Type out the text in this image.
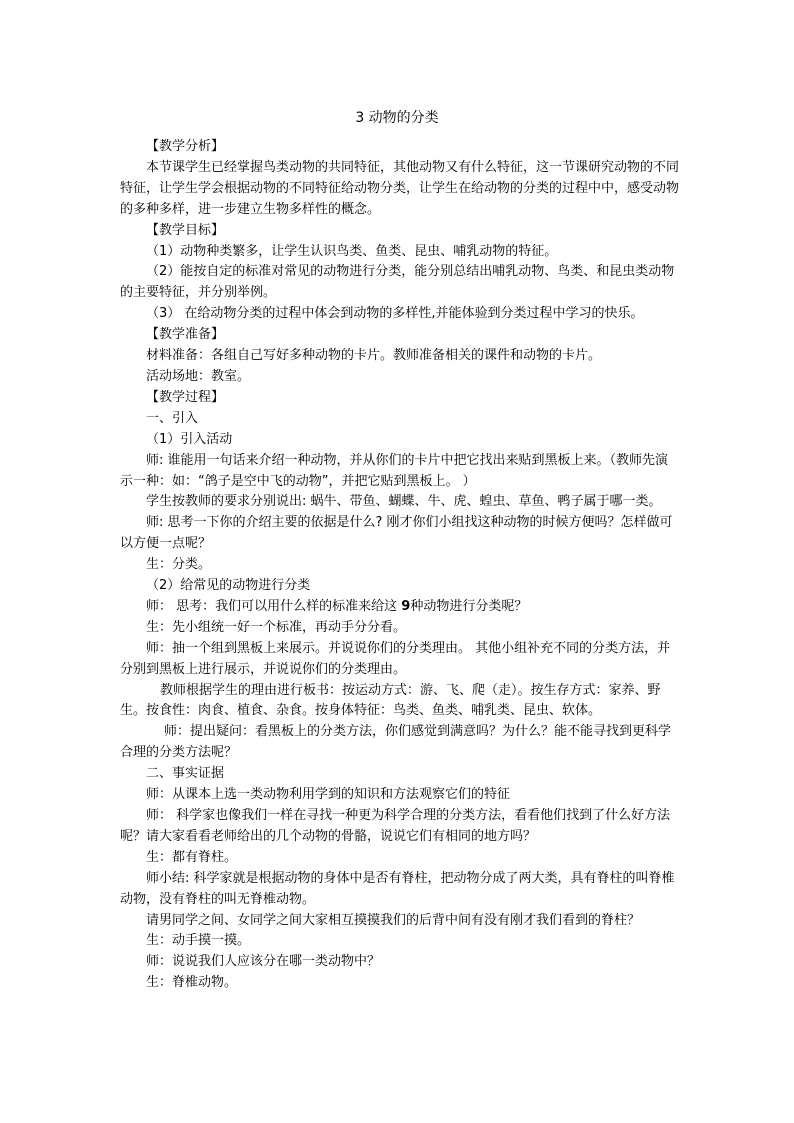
3 动物的分类

【教学分析】

本节课学生已经掌握鸟类动物的共同特征，其他动物又有什么特征，这一节课研究动物的不同特征，让学生学会根据动物的不同特征给动物分类，让学生在给动物的分类的过程中中，感受动物的多种多样，进一步建立生物多样性的概念。

【教学目标】

（1）动物种类繁多，让学生认识鸟类、鱼类、昆虫、哺乳动物的特征。

（2）能按自定的标准对常见的动物进行分类，能分别总结出哺乳动物、鸟类、和昆虫类动物的主要特征，并分别举例。

（3） 在给动物分类的过程中体会到动物的多样性,并能体验到分类过程中学习的快乐。

【教学准备】

材料准备：各组自己写好多种动物的卡片。教师准备相关的课件和动物的卡片。

活动场地：教室。

【教学过程】

一、引入

（1）引入活动

师: 谁能用一句话来介绍一种动物，并从你们的卡片中把它找出来贴到黑板上来。（教师先演示一种：如：“鸽子是空中飞的动物”，并把它贴到黑板上。 ）

学生按教师的要求分别说出: 蜗牛、带鱼、蝴蝶、牛、虎、蝗虫、草鱼、鸭子属于哪一类。

师: 思考一下你的介绍主要的依据是什么? 刚才你们小组找这种动物的时候方便吗？怎样做可以方便一点呢？

生：分类。

（2）给常见的动物进行分类

师： 思考：我们可以用什么样的标准来给这 9种动物进行分类呢？

生：先小组统一好一个标准，再动手分分看。

师：抽一个组到黑板上来展示。并说说你们的分类理由。 其他小组补充不同的分类方法，并分别到黑板上进行展示，并说说你们的分类理由。

教师根据学生的理由进行板书：按运动方式：游、飞、爬（走）。按生存方式：家养、野生。按食性：肉食、植食、杂食。按身体特征：鸟类、鱼类、哺乳类、昆虫、软体。

师：提出疑问：看黑板上的分类方法，你们感觉到满意吗？为什么？能不能寻找到更科学合理的分类方法呢？

二、事实证据

师：从课本上选一类动物利用学到的知识和方法观察它们的特征

师： 科学家也像我们一样在寻找一种更为科学合理的分类方法，看看他们找到了什么好方法呢？请大家看看老师给出的几个动物的骨骼，说说它们有相同的地方吗？

生：都有脊柱。

师小结: 科学家就是根据动物的身体中是否有脊柱，把动物分成了两大类，具有脊柱的叫脊椎动物，没有脊柱的叫无脊椎动物。

请男同学之间、女同学之间大家相互摸摸我们的后背中间有没有刚才我们看到的脊柱？

生：动手摸一摸。

师：说说我们人应该分在哪一类动物中？

生：脊椎动物。
